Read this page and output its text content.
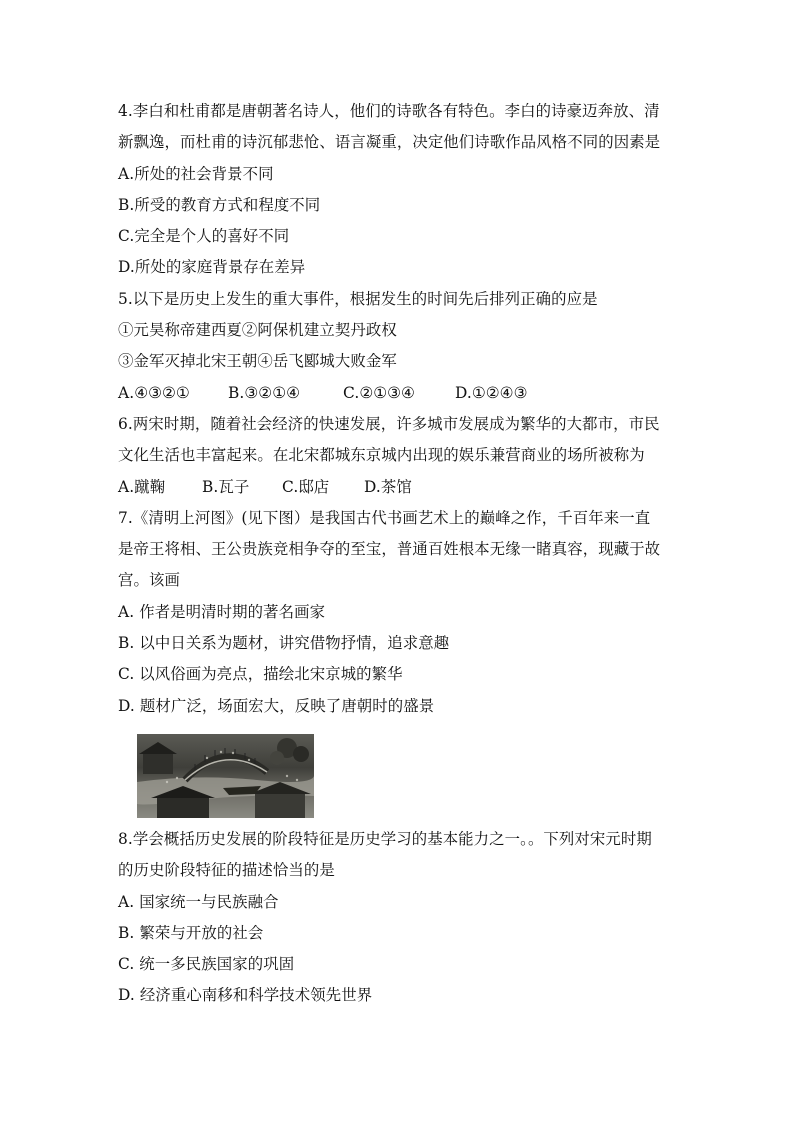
4.李白和杜甫都是唐朝著名诗人，他们的诗歌各有特色。李白的诗豪迈奔放、清
新飘逸，而杜甫的诗沉郁悲怆、语言凝重，决定他们诗歌作品风格不同的因素是
A.所处的社会背景不同
B.所受的教育方式和程度不同
C.完全是个人的喜好不同
D.所处的家庭背景存在差异
5.以下是历史上发生的重大事件，根据发生的时间先后排列正确的应是
①元昊称帝建西夏②阿保机建立契丹政权
③金军灭掉北宋王朝④岳飞郾城大败金军
A.④③②① B.③②①④	C.②①③④	D.①②④③
6.两宋时期，随着社会经济的快速发展，许多城市发展成为繁华的大都市，市民
文化生活也丰富起来。在北宋都城东京城内出现的娱乐兼营商业的场所被称为
A.蹴鞠 B.瓦子 C.邸店 D.茶馆
7.《清明上河图》(见下图）是我国古代书画艺术上的巅峰之作，千百年来一直
是帝王将相、王公贵族竞相争夺的至宝，普通百姓根本无缘一睹真容，现藏于故
宫。该画
A. 作者是明清时期的著名画家
B. 以中日关系为题材，讲究借物抒情，追求意趣
C. 以风俗画为亮点，描绘北宋京城的繁华
D. 题材广泛，场面宏大，反映了唐朝时的盛景
8.学会概括历史发展的阶段特征是历史学习的基本能力之一。。下列对宋元时期
的历史阶段特征的描述恰当的是
A. 国家统一与民族融合
B. 繁荣与开放的社会
C. 统一多民族国家的巩固
D. 经济重心南移和科学技术领先世界
